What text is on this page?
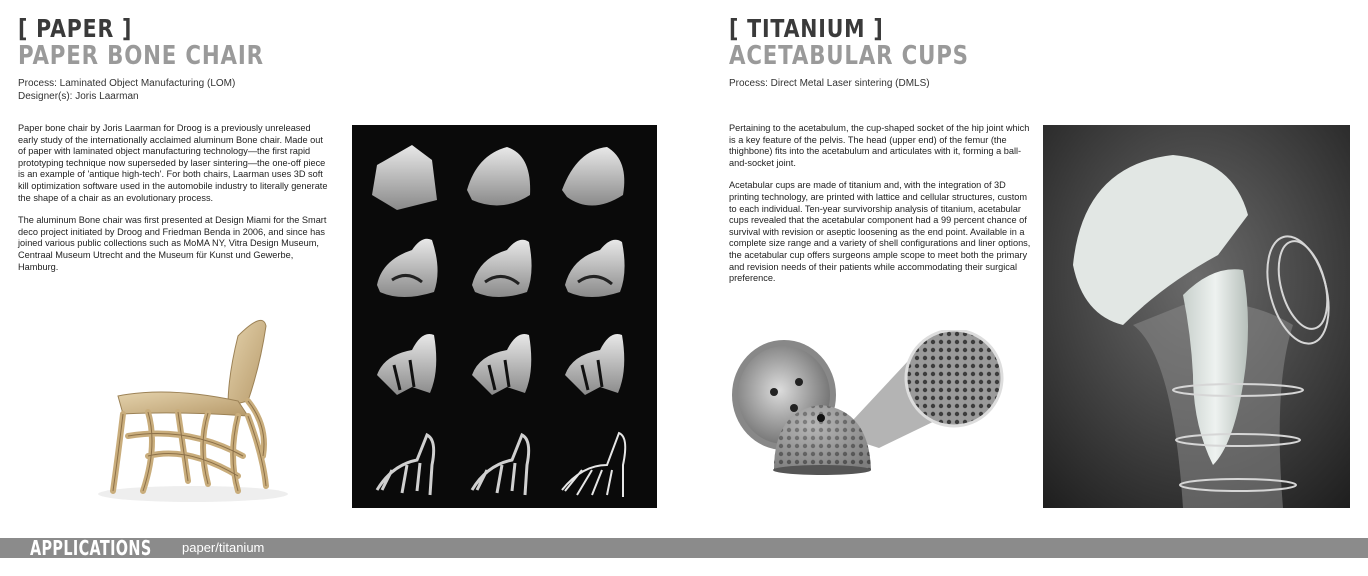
[ PAPER ]
PAPER BONE CHAIR
Process: Laminated Object Manufacturing (LOM)
Designer(s): Joris Laarman

Paper bone chair by Joris Laarman for Droog is a previously unreleased early study of the internationally acclaimed aluminum Bone chair. Made out of paper with laminated object manufacturing technology—the first rapid prototyping technique now superseded by laser sintering—the one-off piece is an example of 'antique high-tech'. For both chairs, Laarman uses 3D soft kill optimization software used in the automobile industry to literally generate the shape of a chair as an evolutionary process.

The aluminum Bone chair was first presented at Design Miami for the Smart deco project initiated by Droog and Friedman Benda in 2006, and since has joined various public collections such as MoMA NY, Vitra Design Museum, Centraal Museum Utrecht and the Museum für Kunst und Gewerbe, Hamburg.

[ TITANIUM ]
ACETABULAR CUPS
Process: Direct Metal Laser sintering (DMLS)

Pertaining to the acetabulum, the cup-shaped socket of the hip joint which is a key feature of the pelvis. The head (upper end) of the femur (the thighbone) fits into the acetabulum and articulates with it, forming a ball-and-socket joint.

Acetabular cups are made of titanium and, with the integration of 3D printing technology, are printed with lattice and cellular structures, custom to each individual. Ten-year survivorship analysis of titanium, acetabular cups revealed that the acetabular component had a 99 percent chance of survival with revision or aseptic loosening as the end point. Available in a complete size range and a variety of shell configurations and liner options, the acetabular cup offers surgeons ample scope to meet both the primary and revision needs of their patients while accommodating their surgical preference.

APPLICATIONS paper/titanium
